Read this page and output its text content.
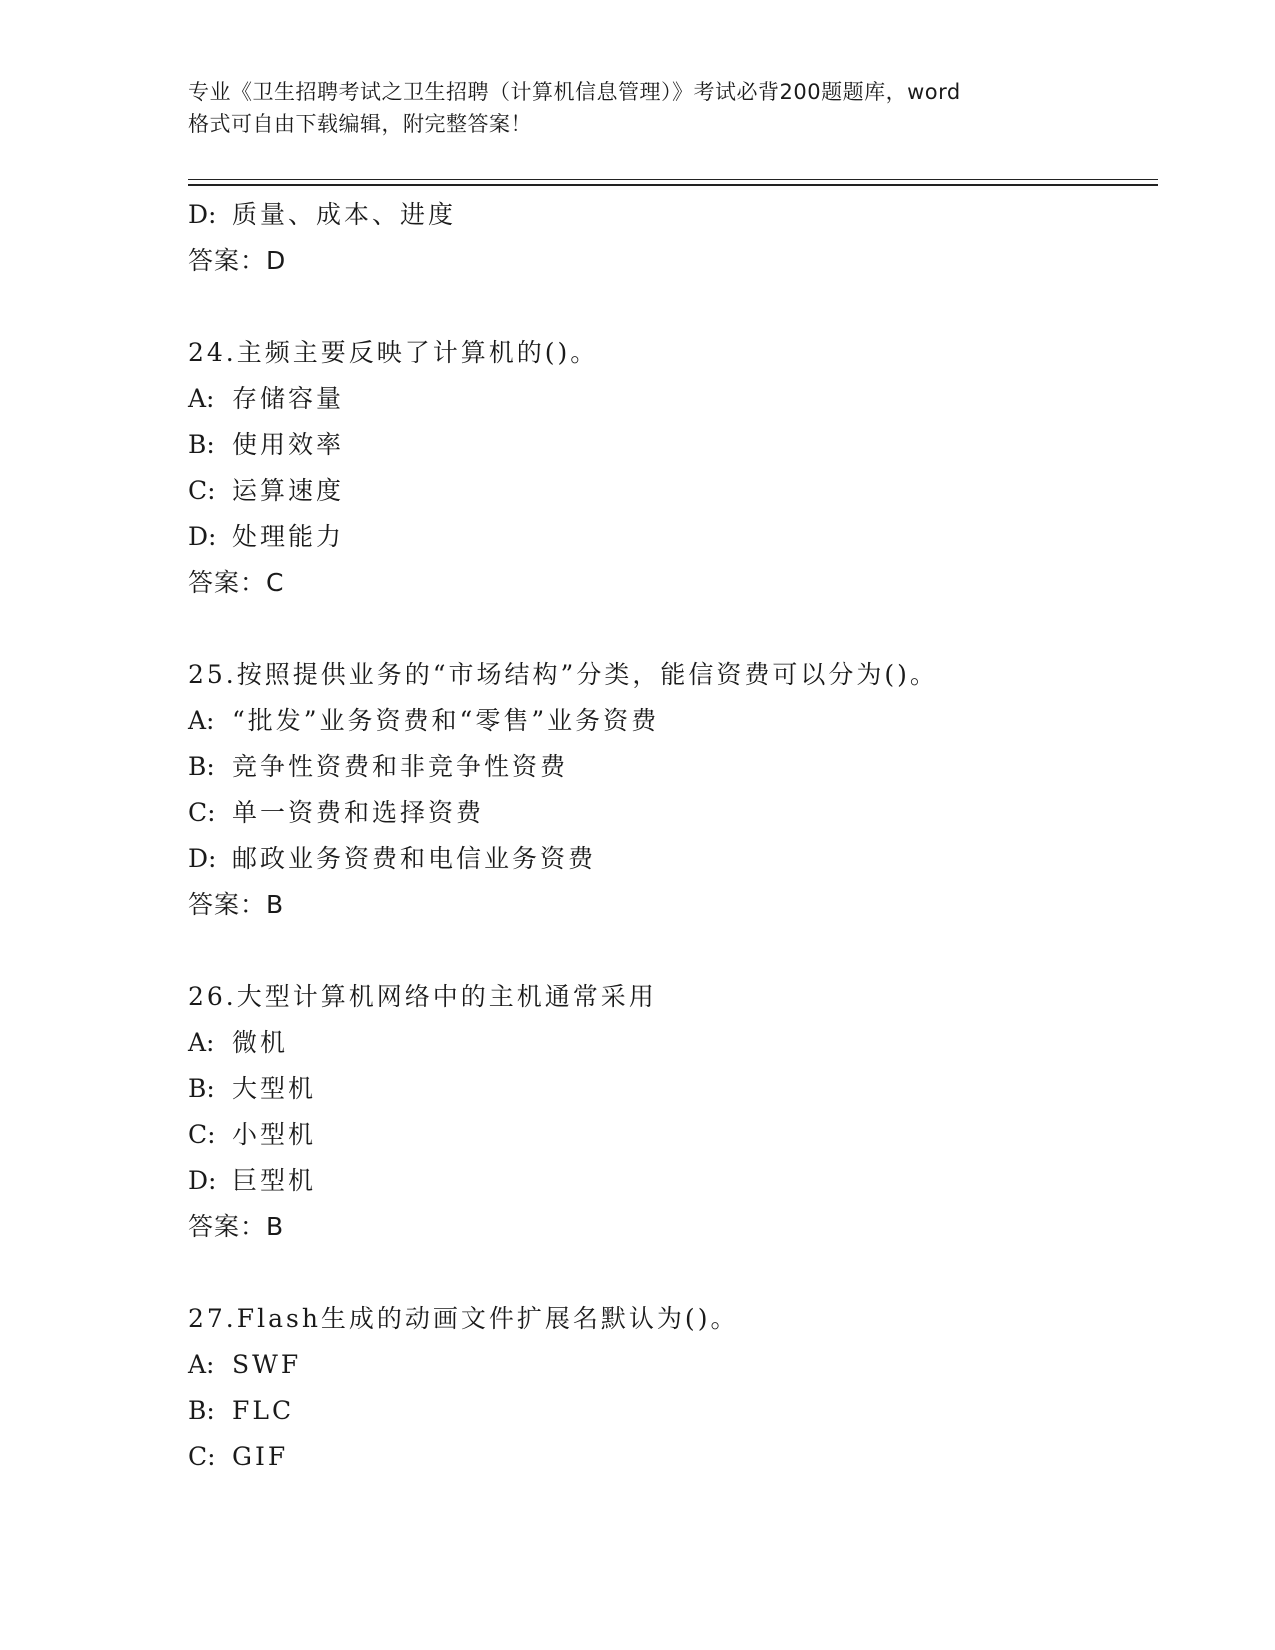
专业《卫生招聘考试之卫生招聘（计算机信息管理）》考试必背200题题库，word
格式可自由下载编辑，附完整答案！
D: 质量、成本、进度
答案：D
24.主频主要反映了计算机的()。
A: 存储容量
B: 使用效率
C: 运算速度
D: 处理能力
答案：C
25.按照提供业务的“市场结构”分类，能信资费可以分为()。
A: “批发”业务资费和“零售”业务资费
B: 竞争性资费和非竞争性资费
C: 单一资费和选择资费
D: 邮政业务资费和电信业务资费
答案：B
26.大型计算机网络中的主机通常采用
A: 微机
B: 大型机
C: 小型机
D: 巨型机
答案：B
27.Flash生成的动画文件扩展名默认为()。
A: SWF
B: FLC
C: GIF
